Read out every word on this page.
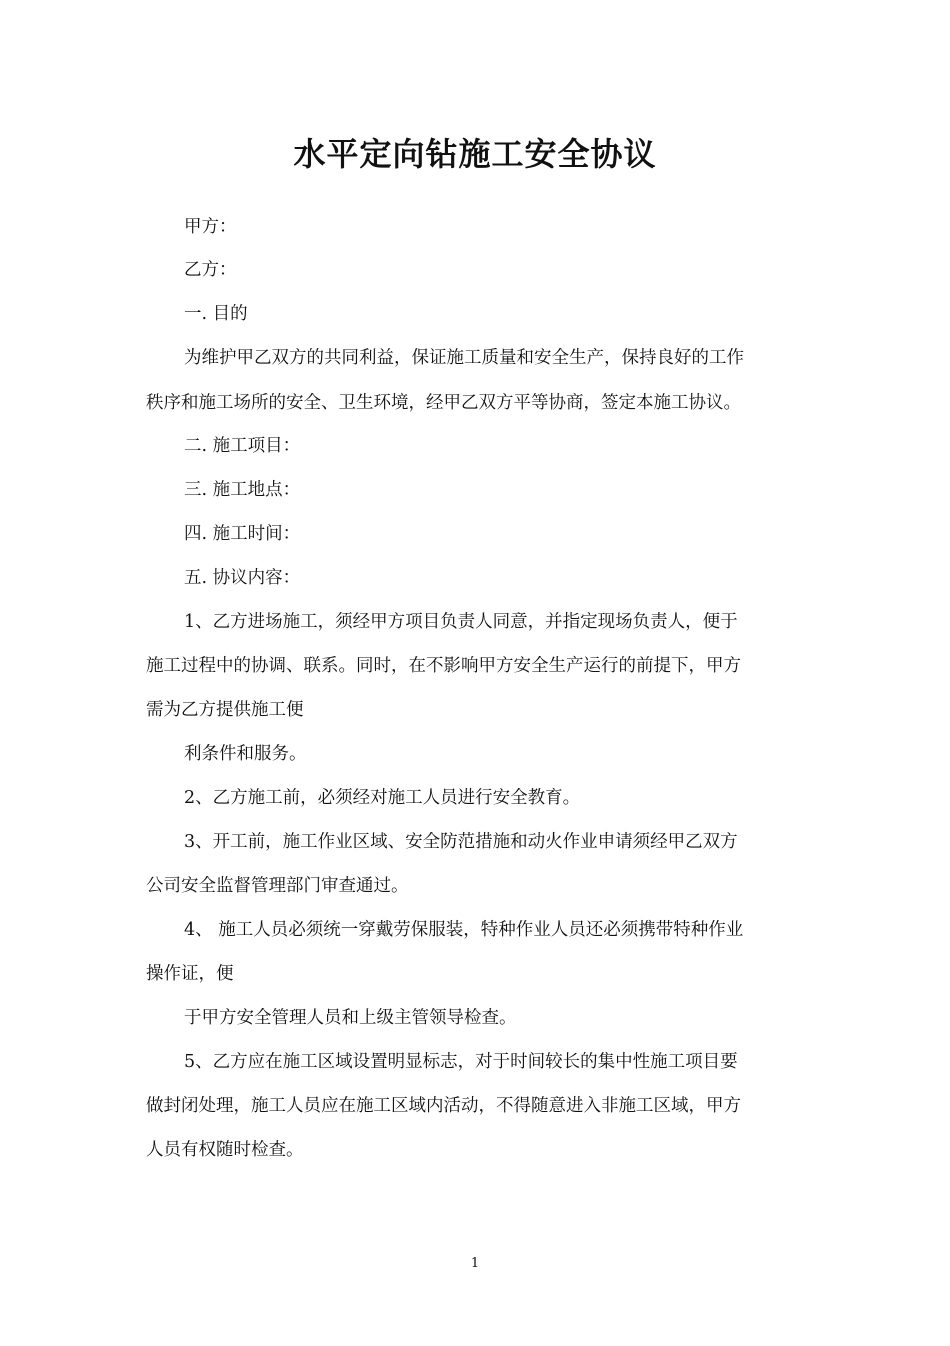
水平定向钻施工安全协议
甲方：
乙方：
一. 目的
为维护甲乙双方的共同利益，保证施工质量和安全生产，保持良好的工作
秩序和施工场所的安全、卫生环境，经甲乙双方平等协商，签定本施工协议。
二. 施工项目：
三. 施工地点：
四. 施工时间：
五. 协议内容：
1、乙方进场施工，须经甲方项目负责人同意，并指定现场负责人，便于
施工过程中的协调、联系。同时，在不影响甲方安全生产运行的前提下，甲方
需为乙方提供施工便
利条件和服务。
2、乙方施工前，必须经对施工人员进行安全教育。
3、开工前，施工作业区域、安全防范措施和动火作业申请须经甲乙双方
公司安全监督管理部门审查通过。
4、 施工人员必须统一穿戴劳保服装，特种作业人员还必须携带特种作业
操作证，便
于甲方安全管理人员和上级主管领导检查。
5、乙方应在施工区域设置明显标志，对于时间较长的集中性施工项目要
做封闭处理，施工人员应在施工区域内活动，不得随意进入非施工区域，甲方
人员有权随时检查。
1
